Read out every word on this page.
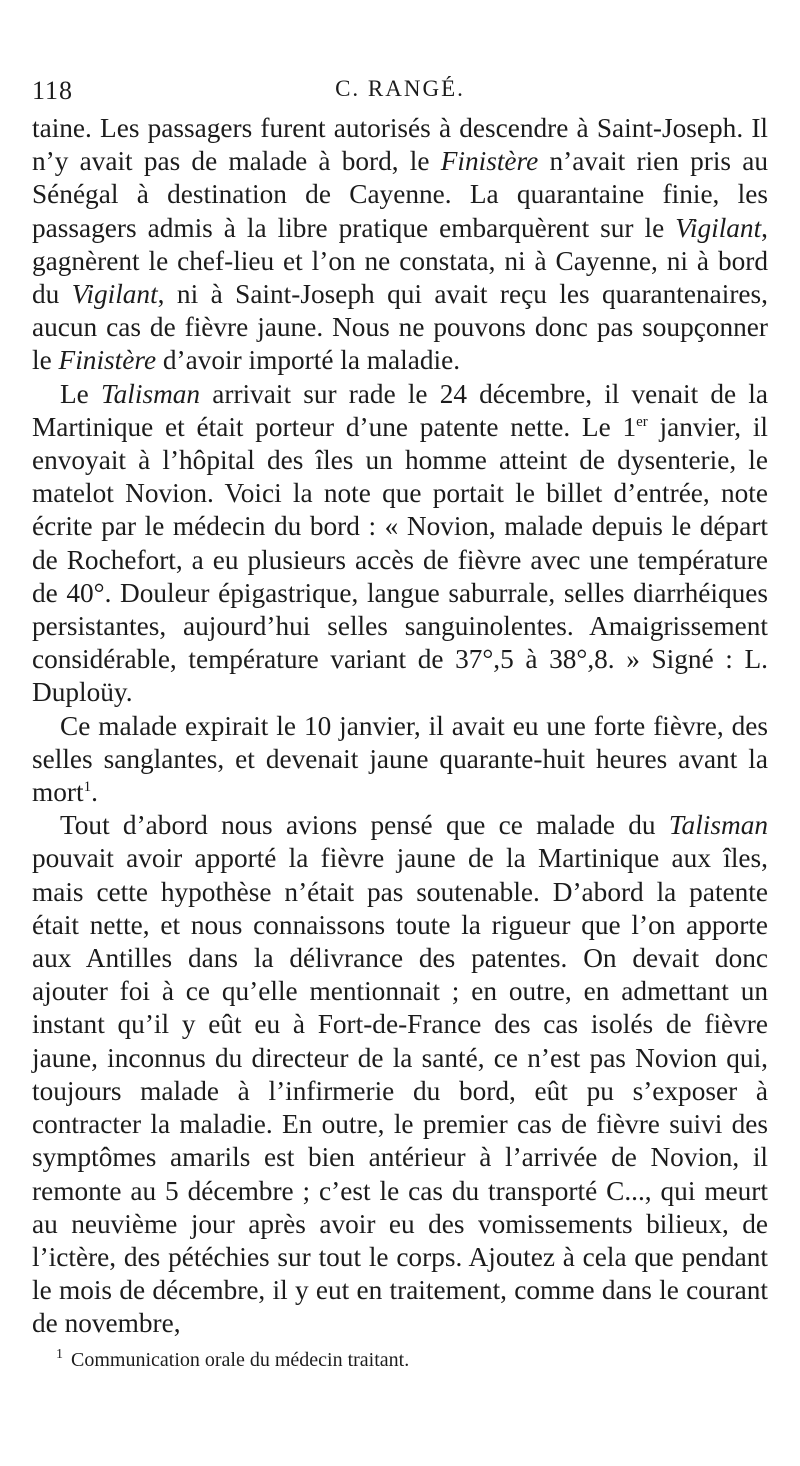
118	C. RANGÉ.

taine. Les passagers furent autorisés à descendre à Saint-Joseph. Il n’y avait pas de malade à bord, le Finistère n’avait rien pris au Sénégal à destination de Cayenne. La quarantaine finie, les passagers admis à la libre pratique embarquèrent sur le Vigilant, gagnèrent le chef-lieu et l’on ne constata, ni à Cayenne, ni à bord du Vigilant, ni à Saint-Joseph qui avait reçu les quarantenaires, aucun cas de fièvre jaune. Nous ne pouvons donc pas soupçonner le Finistère d’avoir importé la maladie.

Le Talisman arrivait sur rade le 24 décembre, il venait de la Martinique et était porteur d’une patente nette. Le 1er janvier, il envoyait à l’hôpital des îles un homme atteint de dysenterie, le matelot Novion. Voici la note que portait le billet d’entrée, note écrite par le médecin du bord : « Novion, malade depuis le départ de Rochefort, a eu plusieurs accès de fièvre avec une température de 40°. Douleur épigastrique, langue saburrale, selles diarrhéiques persistantes, aujourd’hui selles sanguinolentes. Amaigrissement considérable, température variant de 37°,5 à 38°,8. » Signé : L. Duploüy.

Ce malade expirait le 10 janvier, il avait eu une forte fièvre, des selles sanglantes, et devenait jaune quarante-huit heures avant la mort$^1$.

Tout d’abord nous avions pensé que ce malade du Talisman pouvait avoir apporté la fièvre jaune de la Martinique aux îles, mais cette hypothèse n’était pas soutenable. D’abord la patente était nette, et nous connaissons toute la rigueur que l’on apporte aux Antilles dans la délivrance des patentes. On devait donc ajouter foi à ce qu’elle mentionnait ; en outre, en admettant un instant qu’il y eût eu à Fort-de-France des cas isolés de fièvre jaune, inconnus du directeur de la santé, ce n’est pas Novion qui, toujours malade à l’infirmerie du bord, eût pu s’exposer à contracter la maladie. En outre, le premier cas de fièvre suivi des symptômes amarils est bien antérieur à l’arrivée de Novion, il remonte au 5 décembre ; c’est le cas du transporté C..., qui meurt au neuvième jour après avoir eu des vomissements bilieux, de l’ictère, des pétéchies sur tout le corps. Ajoutez à cela que pendant le mois de décembre, il y eut en traitement, comme dans le courant de novembre,

$^1$ Communication orale du médecin traitant.
